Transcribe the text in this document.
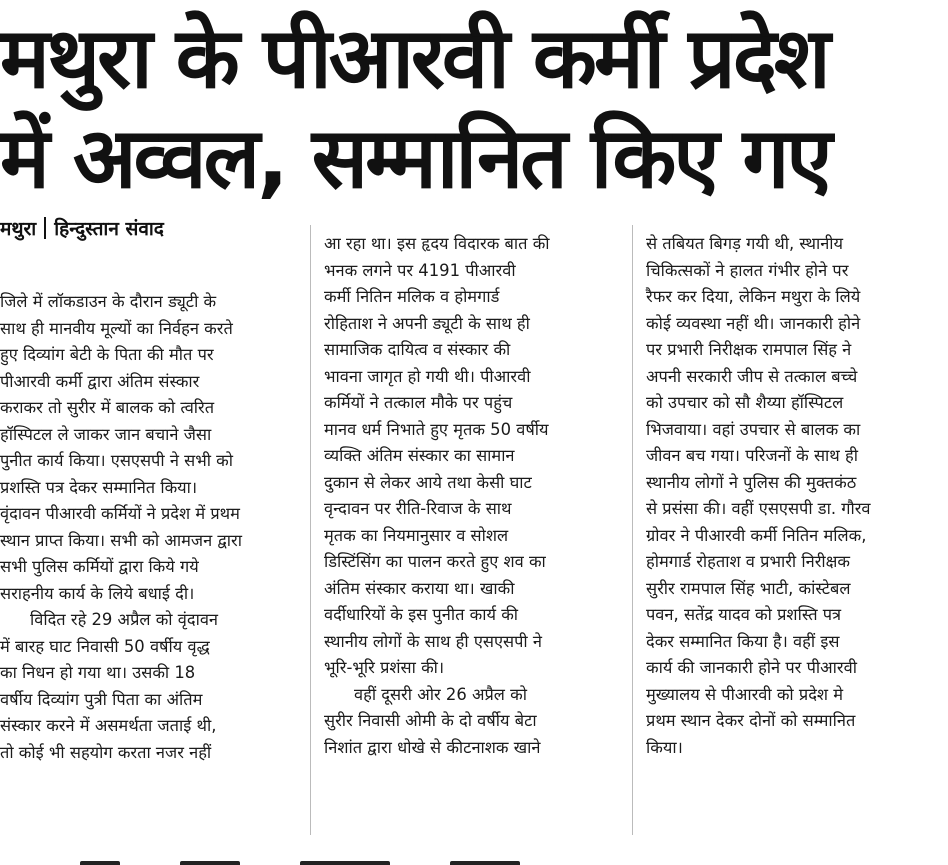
मथुरा के पीआरवी कर्मी प्रदेश
में अव्वल, सम्मानित किए गए
मथुरा हिन्दुस्तान संवाद
जिले में लॉकडाउन के दौरान ड्यूटी के
साथ ही मानवीय मूल्यों का निर्वहन करते
हुए दिव्यांग बेटी के पिता की मौत पर
पीआरवी कर्मी द्वारा अंतिम संस्कार
कराकर तो सुरीर में बालक को त्वरित
हॉस्पिटल ले जाकर जान बचाने जैसा
पुनीत कार्य किया। एसएसपी ने सभी को
प्रशस्ति पत्र देकर सम्मानित किया।
वृंदावन पीआरवी कर्मियों ने प्रदेश में प्रथम
स्थान प्राप्त किया। सभी को आमजन द्वारा
सभी पुलिस कर्मियों द्वारा किये गये
सराहनीय कार्य के लिये बधाई दी।
विदित रहे 29 अप्रैल को वृंदावन
में बारह घाट निवासी 50 वर्षीय वृद्ध
का निधन हो गया था। उसकी 18
वर्षीय दिव्यांग पुत्री पिता का अंतिम
संस्कार करने में असमर्थता जताई थी,
तो कोई भी सहयोग करता नजर नहीं
आ रहा था। इस हृदय विदारक बात की
भनक लगने पर 4191 पीआरवी
कर्मी नितिन मलिक व होमगार्ड
रोहिताश ने अपनी ड्यूटी के साथ ही
सामाजिक दायित्व व संस्कार की
भावना जागृत हो गयी थी। पीआरवी
कर्मियों ने तत्काल मौके पर पहुंच
मानव धर्म निभाते हुए मृतक 50 वर्षीय
व्यक्ति अंतिम संस्कार का सामान
दुकान से लेकर आये तथा केसी घाट
वृन्दावन पर रीति-रिवाज के साथ
मृतक का नियमानुसार व सोशल
डिस्टिंसिंग का पालन करते हुए शव का
अंतिम संस्कार कराया था। खाकी
वर्दीधारियों के इस पुनीत कार्य की
स्थानीय लोगों के साथ ही एसएसपी ने
भूरि-भूरि प्रशंसा की।
वहीं दूसरी ओर 26 अप्रैल को
सुरीर निवासी ओमी के दो वर्षीय बेटा
निशांत द्वारा धोखे से कीटनाशक खाने
से तबियत बिगड़ गयी थी, स्थानीय
चिकित्सकों ने हालत गंभीर होने पर
रैफर कर दिया, लेकिन मथुरा के लिये
कोई व्यवस्था नहीं थी। जानकारी होने
पर प्रभारी निरीक्षक रामपाल सिंह ने
अपनी सरकारी जीप से तत्काल बच्चे
को उपचार को सौ शैय्या हॉस्पिटल
भिजवाया। वहां उपचार से बालक का
जीवन बच गया। परिजनों के साथ ही
स्थानीय लोगों ने पुलिस की मुक्तकंठ
से प्रसंसा की। वहीं एसएसपी डा. गौरव
ग्रोवर ने पीआरवी कर्मी नितिन मलिक,
होमगार्ड रोहताश व प्रभारी निरीक्षक
सुरीर रामपाल सिंह भाटी, कांस्टेबल
पवन, सतेंद्र यादव को प्रशस्ति पत्र
देकर सम्मानित किया है। वहीं इस
कार्य की जानकारी होने पर पीआरवी
मुख्यालय से पीआरवी को प्रदेश मे
प्रथम स्थान देकर दोनों को सम्मानित
किया।
